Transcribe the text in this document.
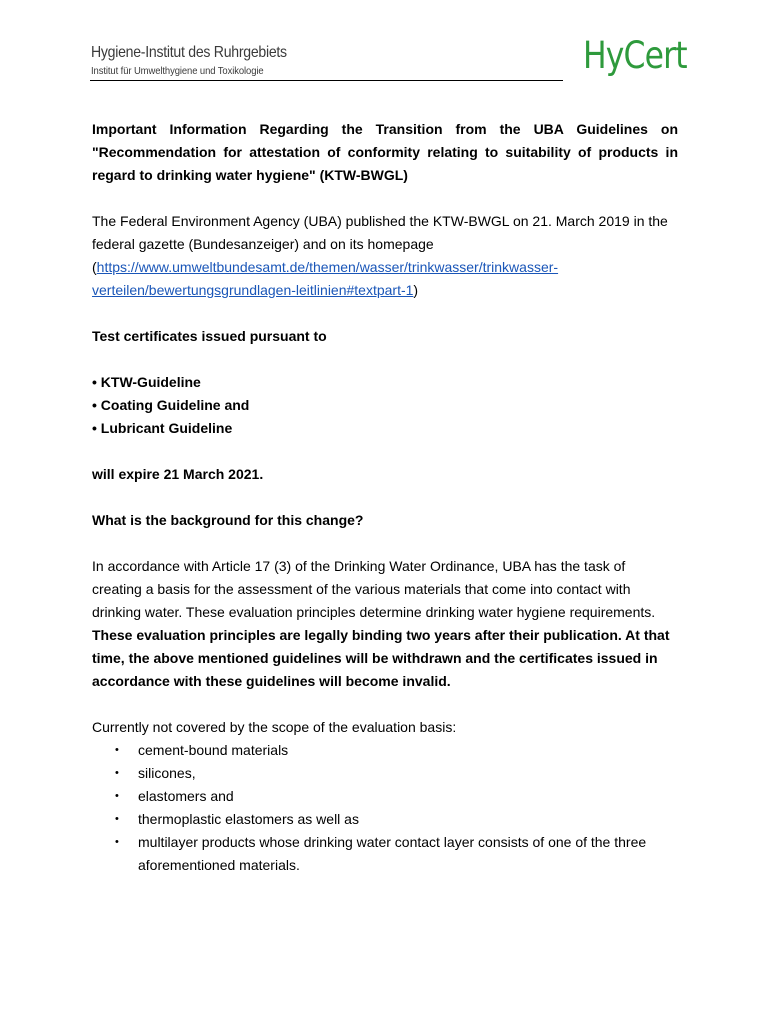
Hygiene-Institut des Ruhrgebiets
Institut für Umwelthygiene und Toxikologie	HyCert

Important Information Regarding the Transition from the UBA Guidelines on "Recommendation for attestation of conformity relating to suitability of products in regard to drinking water hygiene" (KTW-BWGL)

The Federal Environment Agency (UBA) published the KTW-BWGL on 21. March 2019 in the federal gazette (Bundesanzeiger) and on its homepage (https://www.umweltbundesamt.de/themen/wasser/trinkwasser/trinkwasser-verteilen/bewertungsgrundlagen-leitlinien#textpart-1)

Test certificates issued pursuant to

• KTW-Guideline
• Coating Guideline and
• Lubricant Guideline

will expire 21 March 2021.

What is the background for this change?

In accordance with Article 17 (3) of the Drinking Water Ordinance, UBA has the task of creating a basis for the assessment of the various materials that come into contact with drinking water. These evaluation principles determine drinking water hygiene requirements. These evaluation principles are legally binding two years after their publication. At that time, the above mentioned guidelines will be withdrawn and the certificates issued in accordance with these guidelines will become invalid.

Currently not covered by the scope of the evaluation basis:

• cement-bound materials
• silicones,
• elastomers and
• thermoplastic elastomers as well as
• multilayer products whose drinking water contact layer consists of one of the three aforementioned materials.
